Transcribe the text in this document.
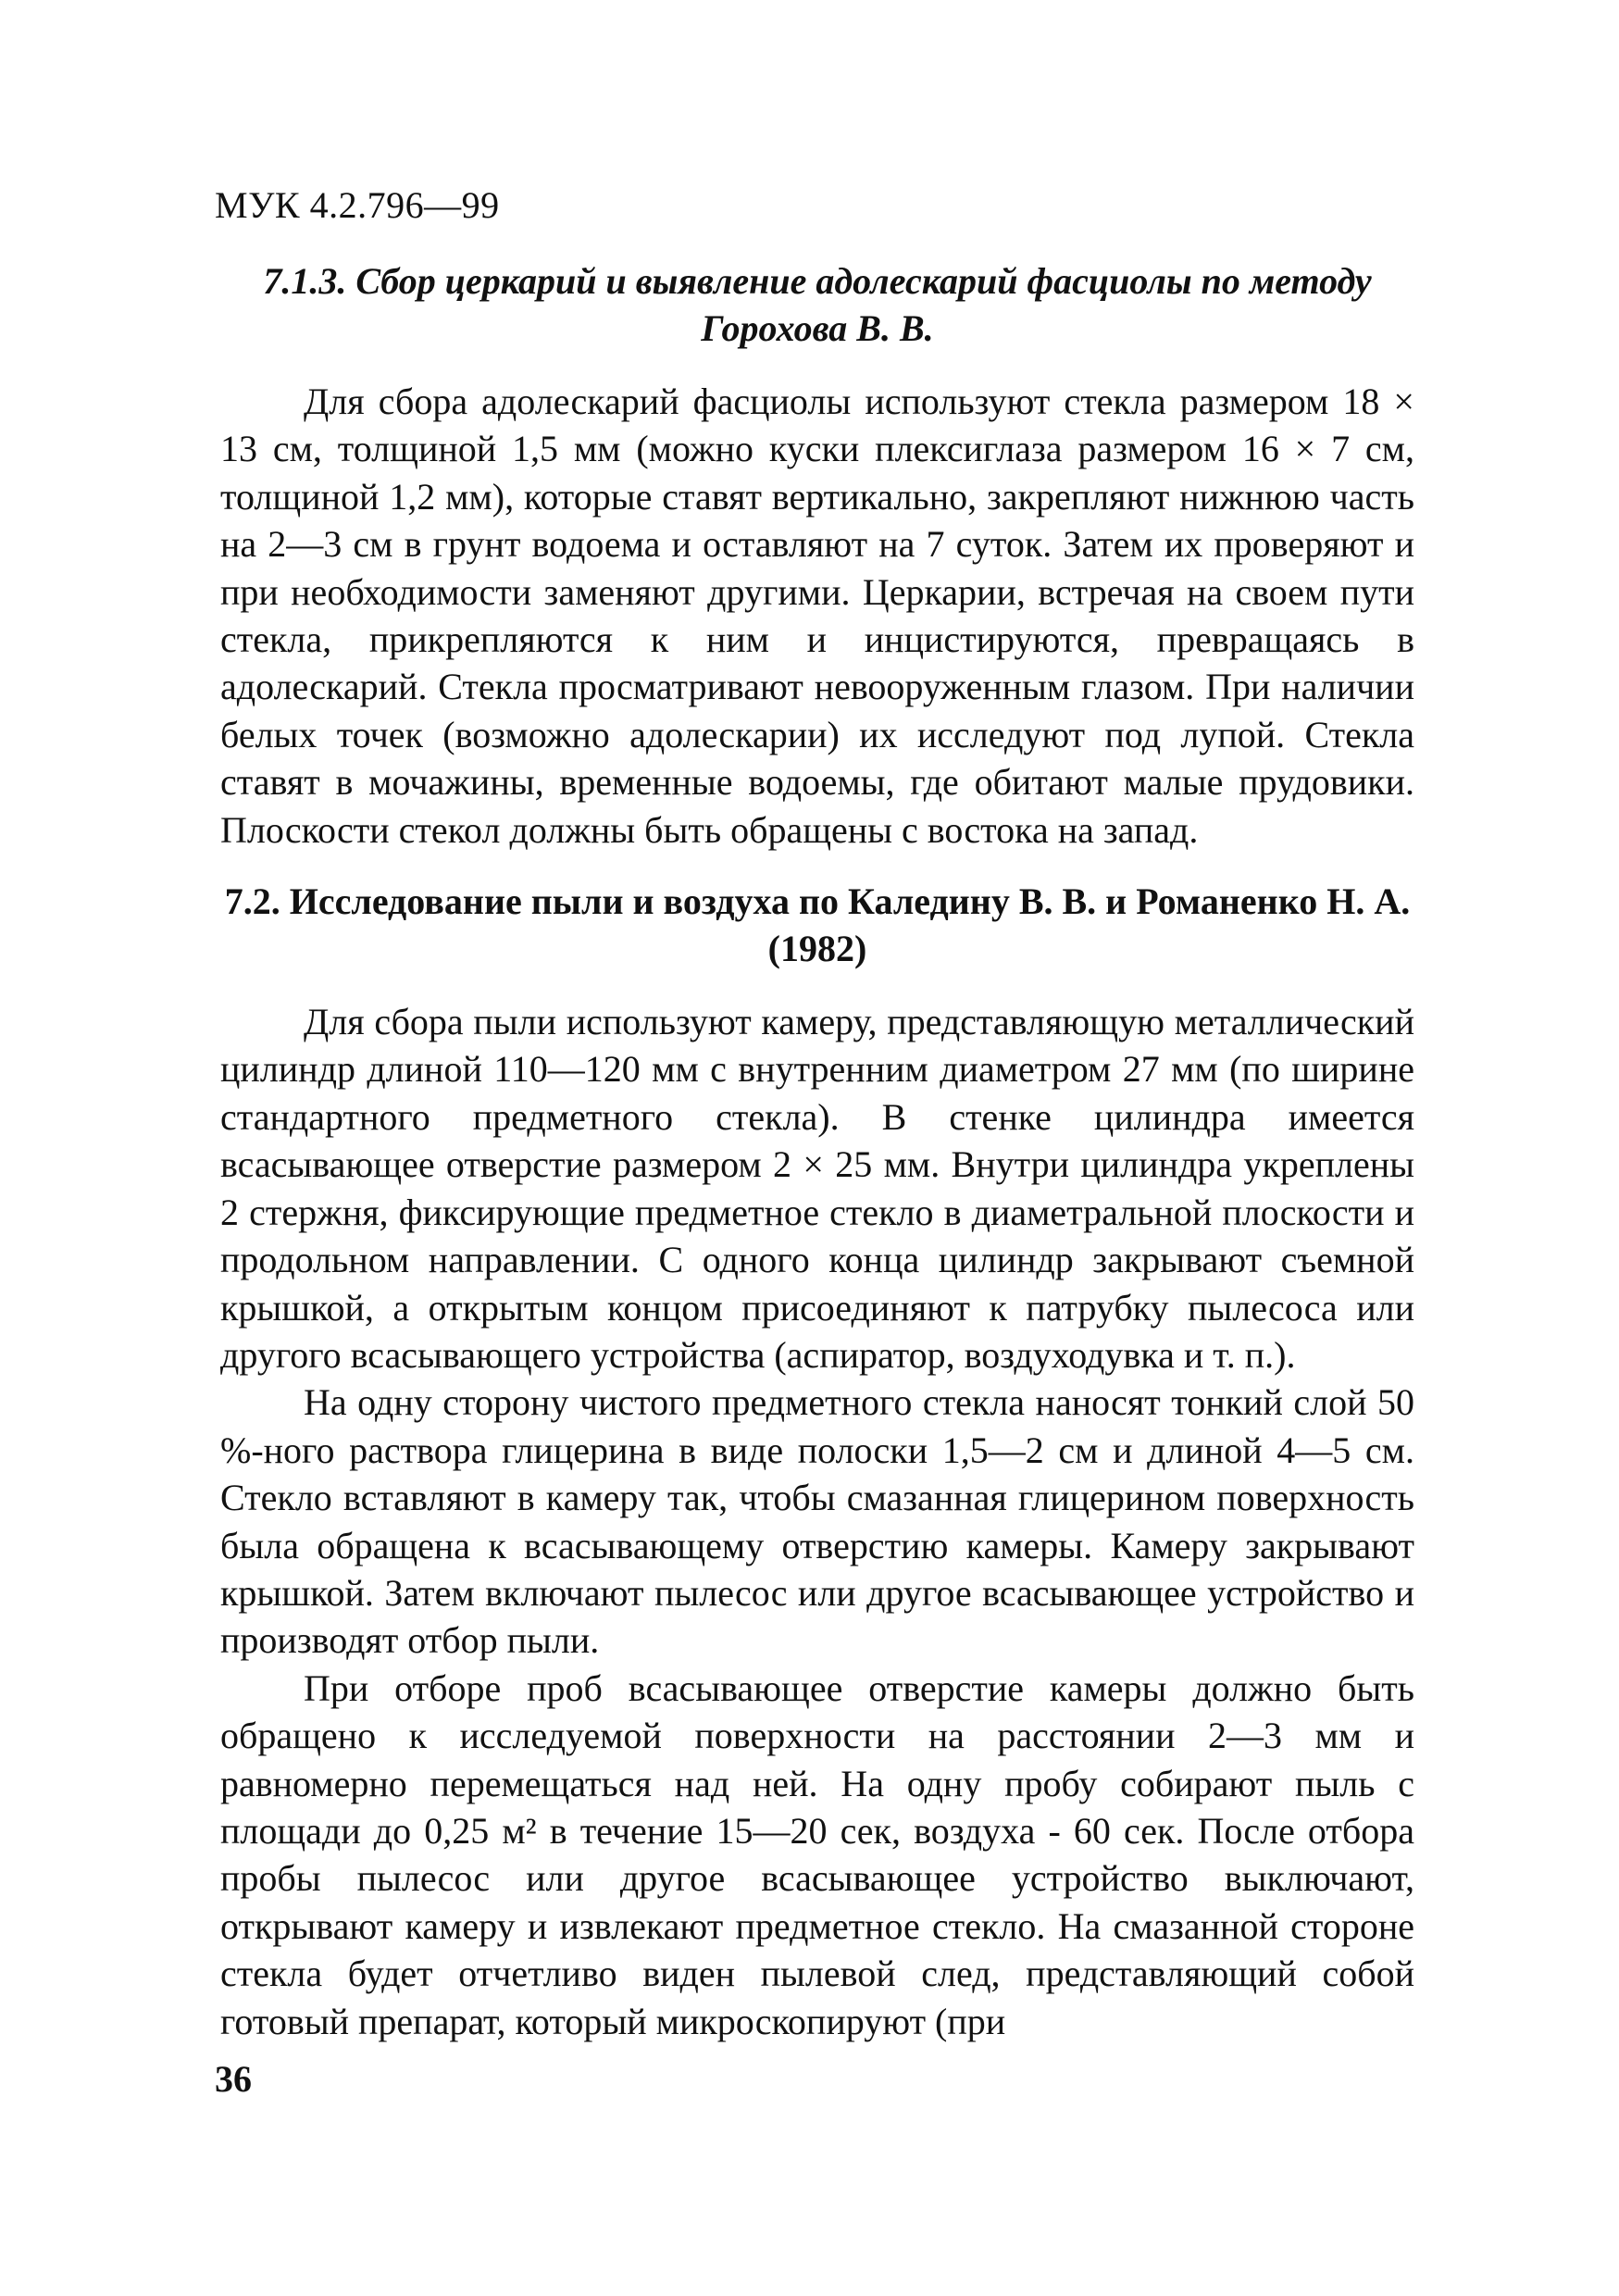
МУК 4.2.796—99
7.1.3. Сбор церкарий и выявление адолескарий фасциолы по методу Горохова В. В.

Для сбора адолескарий фасциолы используют стекла размером 18 × 13 см, толщиной 1,5 мм (можно куски плексиглаза размером 16 × 7 см, толщиной 1,2 мм), которые ставят вертикально, закрепляют нижнюю часть на 2—3 см в грунт водоема и оставляют на 7 суток. Затем их проверяют и при необходимости заменяют другими. Церкарии, встречая на своем пути стекла, прикрепляются к ним и инцистируются, превращаясь в адолескарий. Стекла просматривают невооруженным глазом. При наличии белых точек (возможно адолескарии) их исследуют под лупой. Стекла ставят в мочажины, временные водоемы, где обитают малые прудовики. Плоскости стекол должны быть обращены с востока на запад.

7.2. Исследование пыли и воздуха по Каледину В. В. и Романенко Н. А. (1982)

Для сбора пыли используют камеру, представляющую металлический цилиндр длиной 110—120 мм с внутренним диаметром 27 мм (по ширине стандартного предметного стекла). В стенке цилиндра имеется всасывающее отверстие размером 2 × 25 мм. Внутри цилиндра укреплены 2 стержня, фиксирующие предметное стекло в диаметральной плоскости и продольном направлении. С одного конца цилиндр закрывают съемной крышкой, а открытым концом присоединяют к патрубку пылесоса или другого всасывающего устройства (аспиратор, воздуходувка и т. п.).

На одну сторону чистого предметного стекла наносят тонкий слой 50 %-ного раствора глицерина в виде полоски 1,5—2 см и длиной 4—5 см. Стекло вставляют в камеру так, чтобы смазанная глицерином поверхность была обращена к всасывающему отверстию камеры. Камеру закрывают крышкой. Затем включают пылесос или другое всасывающее устройство и производят отбор пыли.

При отборе проб всасывающее отверстие камеры должно быть обращено к исследуемой поверхности на расстоянии 2—3 мм и равномерно перемещаться над ней. На одну пробу собирают пыль с площади до 0,25 м² в течение 15—20 сек, воздуха - 60 сек. После отбора пробы пылесос или другое всасывающее устройство выключают, открывают камеру и извлекают предметное стекло. На смазанной стороне стекла будет отчетливо виден пылевой след, представляющий собой готовый препарат, который микроскопируют (при

36
